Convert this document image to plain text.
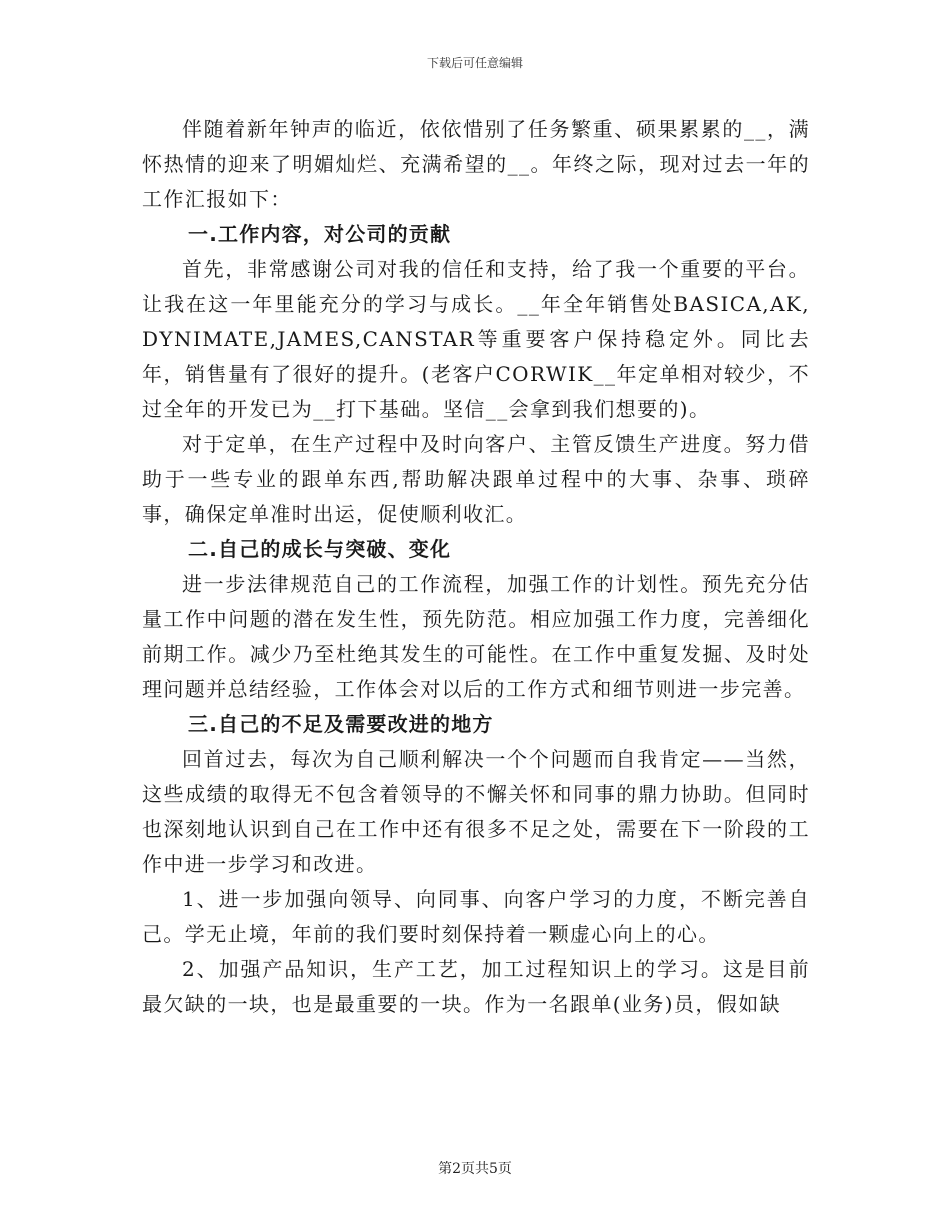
下载后可任意编辑

伴随着新年钟声的临近，依依惜别了任务繁重、硕果累累的__，满怀热情的迎来了明媚灿烂、充满希望的__。年终之际，现对过去一年的工作汇报如下：

一.工作内容，对公司的贡献

首先，非常感谢公司对我的信任和支持，给了我一个重要的平台。让我在这一年里能充分的学习与成长。__年全年销售处BASICA,AK,DYNIMATE,JAMES,CANSTAR等重要客户保持稳定外。同比去年，销售量有了很好的提升。(老客户CORWIK__年定单相对较少，不过全年的开发已为__打下基础。坚信__会拿到我们想要的)。

对于定单，在生产过程中及时向客户、主管反馈生产进度。努力借助于一些专业的跟单东西,帮助解决跟单过程中的大事、杂事、琐碎事，确保定单准时出运，促使顺利收汇。

二.自己的成长与突破、变化

进一步法律规范自己的工作流程，加强工作的计划性。预先充分估量工作中问题的潜在发生性，预先防范。相应加强工作力度，完善细化前期工作。减少乃至杜绝其发生的可能性。在工作中重复发掘、及时处理问题并总结经验，工作体会对以后的工作方式和细节则进一步完善。

三.自己的不足及需要改进的地方

回首过去，每次为自己顺利解决一个个问题而自我肯定——当然，这些成绩的取得无不包含着领导的不懈关怀和同事的鼎力协助。但同时也深刻地认识到自己在工作中还有很多不足之处，需要在下一阶段的工作中进一步学习和改进。

1、进一步加强向领导、向同事、向客户学习的力度，不断完善自己。学无止境，年前的我们要时刻保持着一颗虚心向上的心。

2、加强产品知识，生产工艺，加工过程知识上的学习。这是目前最欠缺的一块，也是最重要的一块。作为一名跟单(业务)员，假如缺

第2页共5页
